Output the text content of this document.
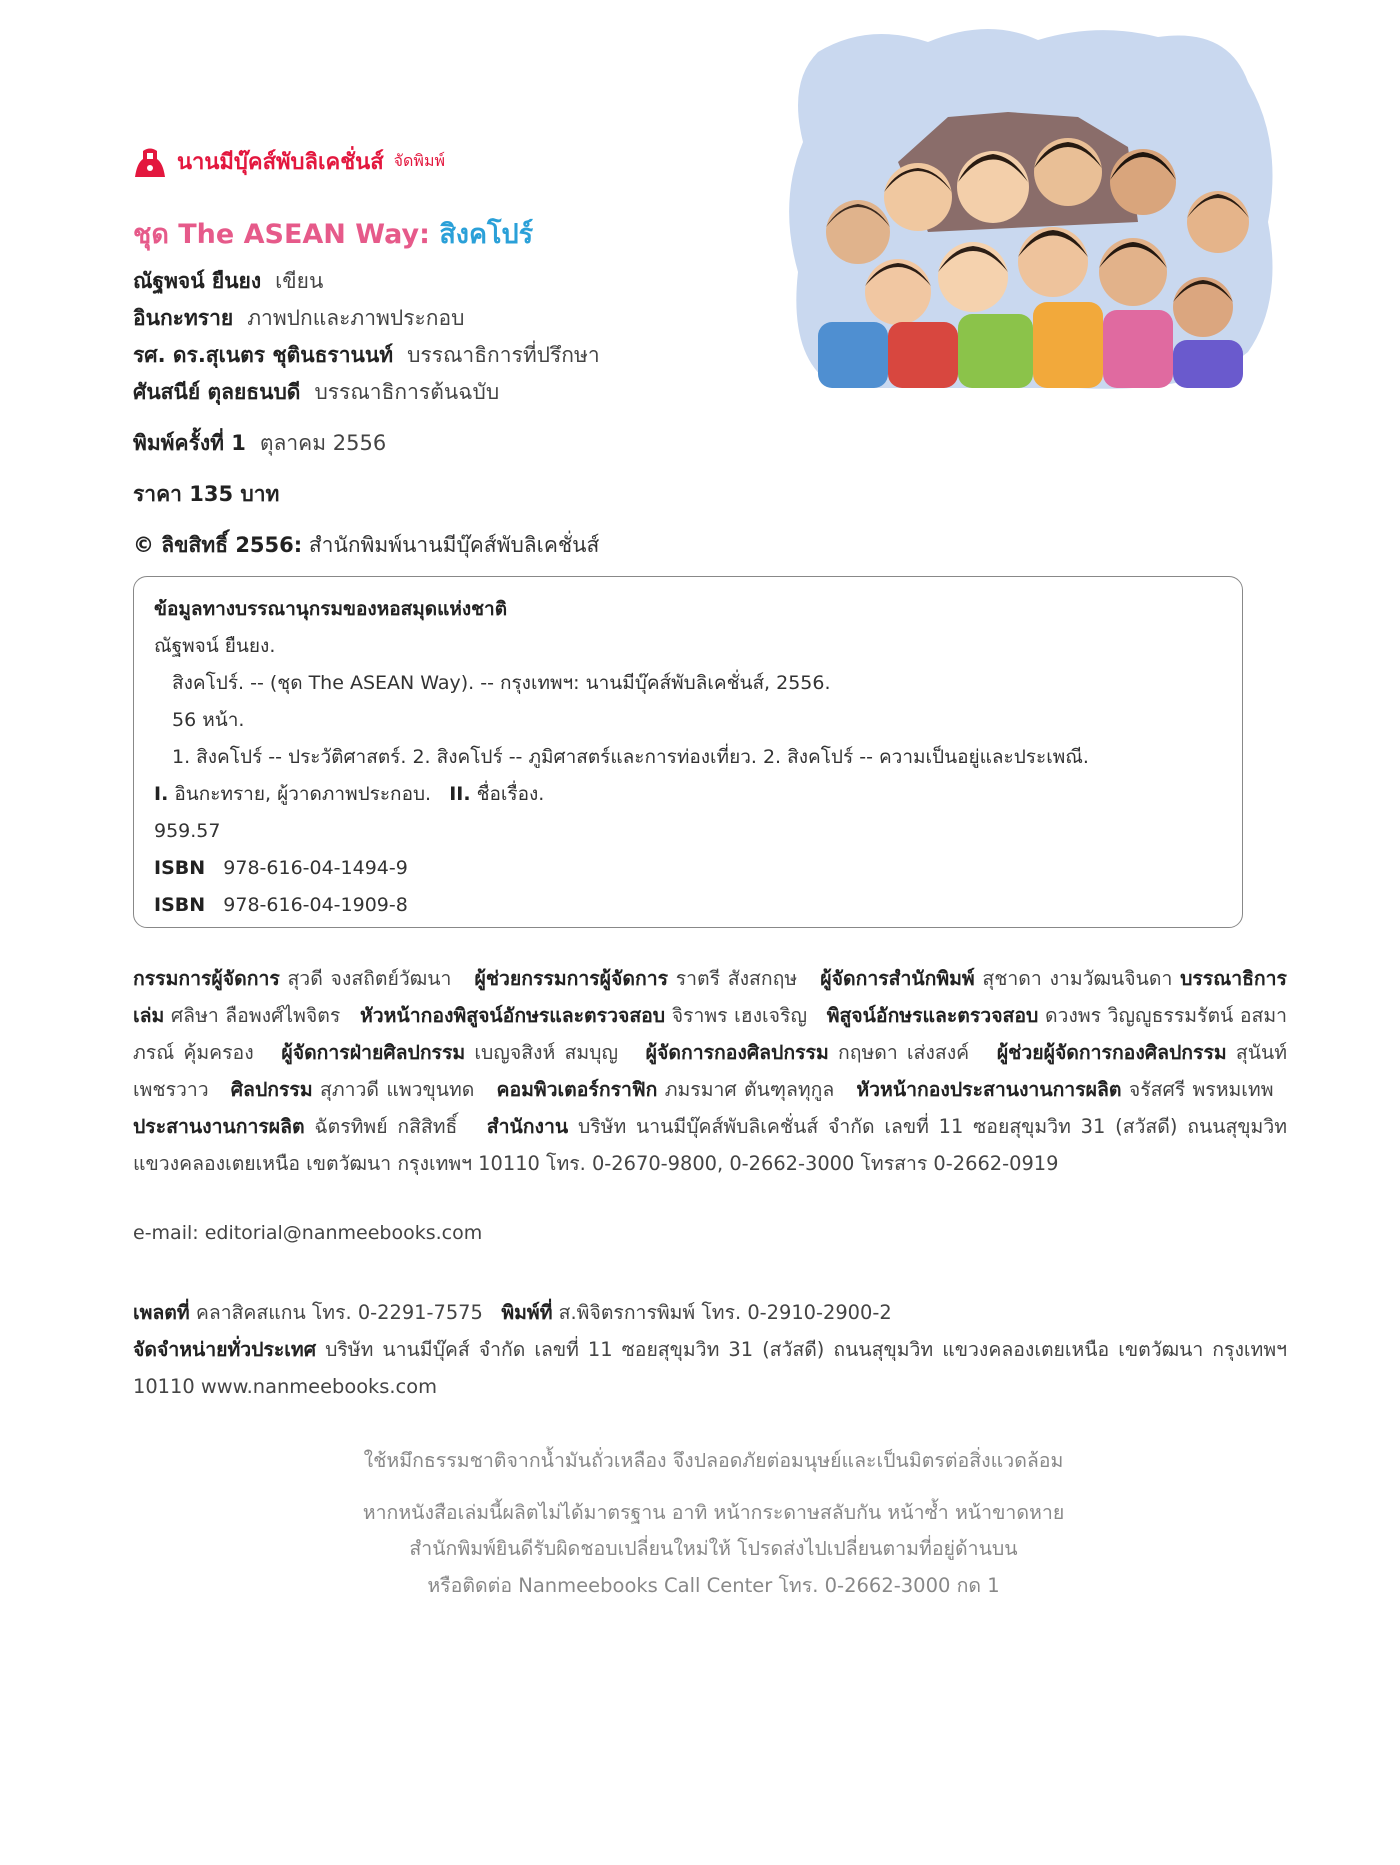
นานมีบุ๊คส์พับลิเคชั่นส์ จัดพิมพ์
ชุด The ASEAN Way: สิงคโปร์
ณัฐพจน์ ยืนยง เขียน
อินกะทราย ภาพปกและภาพประกอบ
รศ. ดร.สุเนตร ชุตินธรานนท์ บรรณาธิการที่ปรึกษา
ศันสนีย์ ตุลยธนบดี บรรณาธิการต้นฉบับ
พิมพ์ครั้งที่ 1 ตุลาคม 2556
ราคา 135 บาท
© ลิขสิทธิ์ 2556: สำนักพิมพ์นานมีบุ๊คส์พับลิเคชั่นส์
ข้อมูลทางบรรณานุกรมของหอสมุดแห่งชาติ
ณัฐพจน์ ยืนยง.
สิงคโปร์. -- (ชุด The ASEAN Way). -- กรุงเทพฯ: นานมีบุ๊คส์พับลิเคชั่นส์, 2556.
56 หน้า.
1. สิงคโปร์ -- ประวัติศาสตร์. 2. สิงคโปร์ -- ภูมิศาสตร์และการท่องเที่ยว. 2. สิงคโปร์ -- ความเป็นอยู่และประเพณี.
I. อินกะทราย, ผู้วาดภาพประกอบ. II. ชื่อเรื่อง.
959.57
ISBN 978-616-04-1494-9
ISBN 978-616-04-1909-8
กรรมการผู้จัดการ สุวดี จงสถิตย์วัฒนา ผู้ช่วยกรรมการผู้จัดการ ราตรี สังสกฤษ ผู้จัดการสำนักพิมพ์ สุชาดา งามวัฒนจินดา บรรณาธิการเล่ม ศลิษา ลือพงศ์ไพจิตร หัวหน้ากองพิสูจน์อักษรและตรวจสอบ จิราพร เฮงเจริญ พิสูจน์อักษรและตรวจสอบ ดวงพร วิญญูธรรมรัตน์ อสมาภรณ์ คุ้มครอง ผู้จัดการฝ่ายศิลปกรรม เบญจสิงห์ สมบุญ ผู้จัดการกองศิลปกรรม กฤษดา เส่งสงค์ ผู้ช่วยผู้จัดการกองศิลปกรรม สุนันท์ เพชรวาว ศิลปกรรม สุภาวดี แพวขุนทด คอมพิวเตอร์กราฟิก ภมรมาศ ตันฑุลทุกูล หัวหน้ากองประสานงานการผลิต จรัสศรี พรหมเทพ   ประสานงานการผลิต ฉัตรทิพย์ กสิสิทธิ์ สำนักงาน บริษัท นานมีบุ๊คส์พับลิเคชั่นส์ จำกัด เลขที่ 11 ซอยสุขุมวิท 31 (สวัสดี) ถนนสุขุมวิท แขวงคลองเตยเหนือ เขตวัฒนา กรุงเทพฯ 10110 โทร. 0-2670-9800, 0-2662-3000 โทรสาร 0-2662-0919
e-mail: editorial@nanmeebooks.com
เพลตที่ คลาสิคสแกน โทร. 0-2291-7575 พิมพ์ที่ ส.พิจิตรการพิมพ์ โทร. 0-2910-2900-2
จัดจำหน่ายทั่วประเทศ บริษัท นานมีบุ๊คส์ จำกัด เลขที่ 11 ซอยสุขุมวิท 31 (สวัสดี) ถนนสุขุมวิท แขวงคลองเตยเหนือ เขตวัฒนา กรุงเทพฯ 10110 www.nanmeebooks.com
ใช้หมึกธรรมชาติจากน้ำมันถั่วเหลือง จึงปลอดภัยต่อมนุษย์และเป็นมิตรต่อสิ่งแวดล้อม
หากหนังสือเล่มนี้ผลิตไม่ได้มาตรฐาน อาทิ หน้ากระดาษสลับกัน หน้าซ้ำ หน้าขาดหาย
สำนักพิมพ์ยินดีรับผิดชอบเปลี่ยนใหม่ให้ โปรดส่งไปเปลี่ยนตามที่อยู่ด้านบน
หรือติดต่อ Nanmeebooks Call Center โทร. 0-2662-3000 กด 1
